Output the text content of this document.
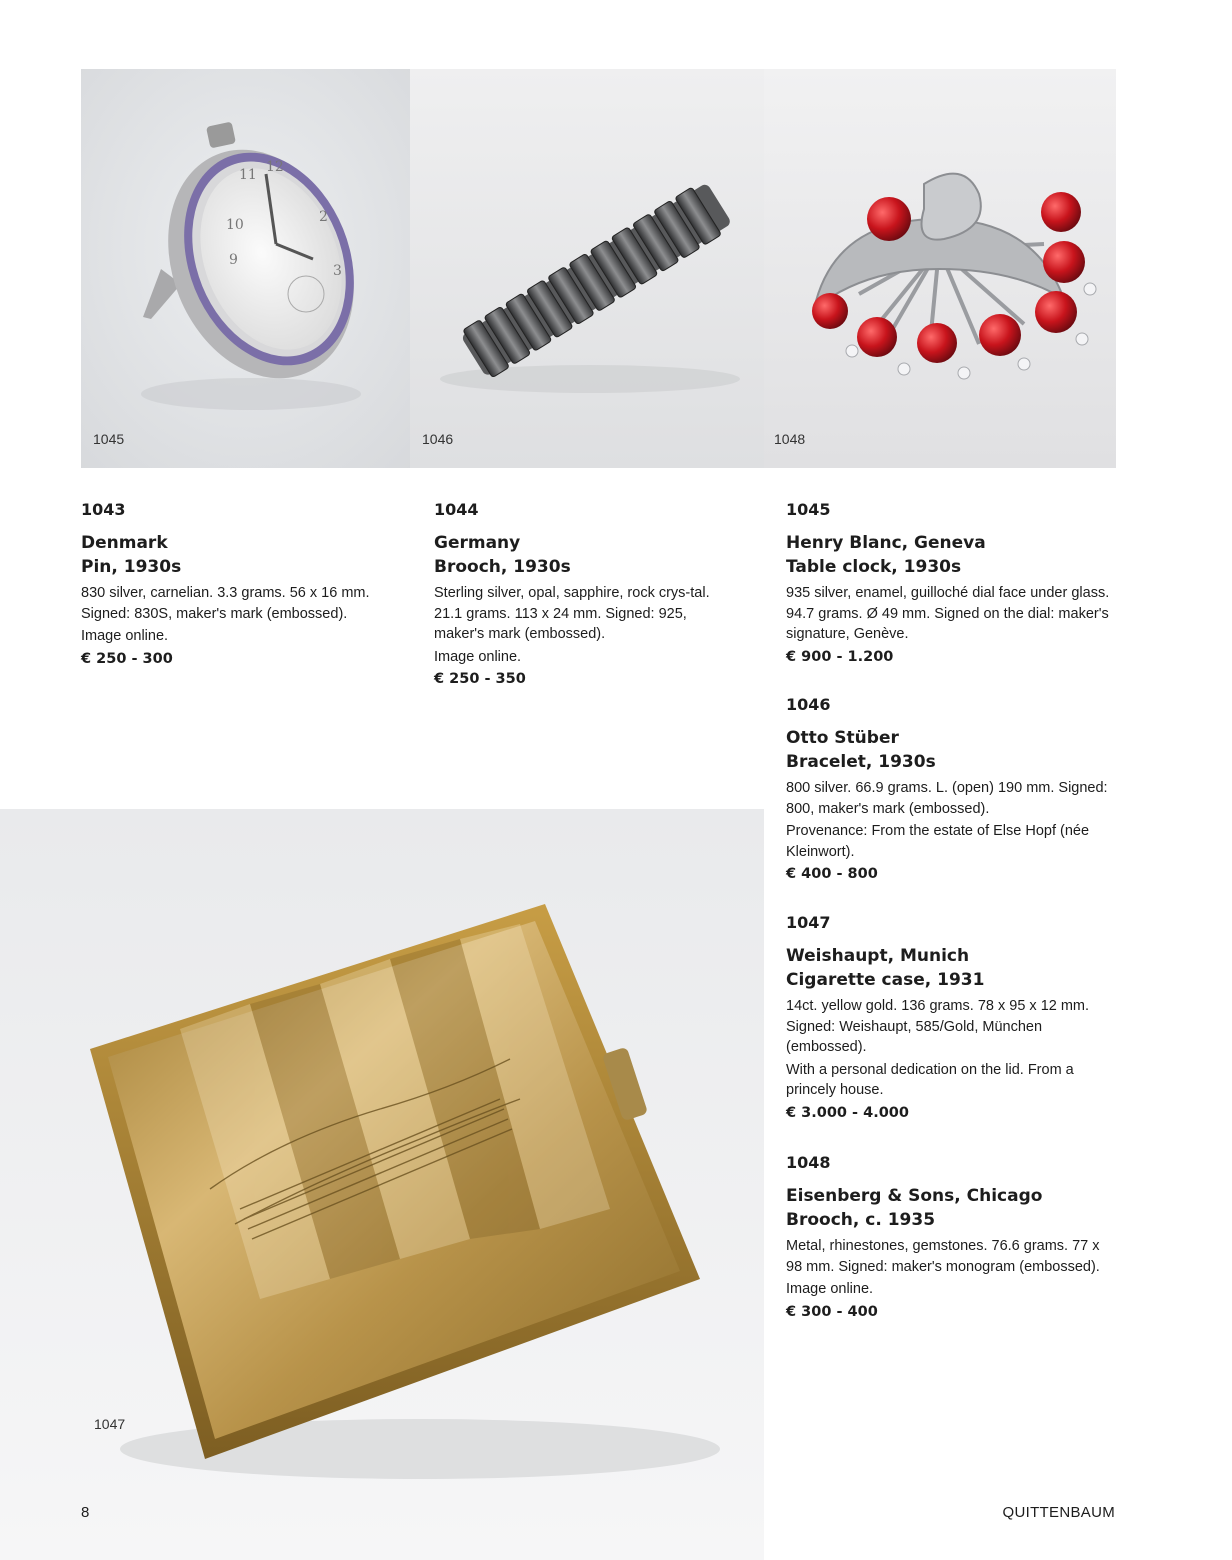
11 12
10	2
9
3
1045	1046	1048
1047
1043
Denmark
Pin, 1930s
830 silver, carnelian. 3.3 grams. 56 x 16 mm. Signed: 830S, maker's mark (embossed).
Image online.
€ 250 - 300
1044
Germany
Brooch, 1930s
Sterling silver, opal, sapphire, rock crys-tal. 21.1 grams. 113 x 24 mm. Signed: 925, maker's mark (embossed).
Image online.
€ 250 - 350
1045
Henry Blanc, Geneva
Table clock, 1930s
935 silver, enamel, guilloché dial face under glass. 94.7 grams. Ø 49 mm. Signed on the dial: maker's signature, Genève.
€ 900 - 1.200
1046
Otto Stüber
Bracelet, 1930s
800 silver. 66.9 grams. L. (open) 190 mm. Signed: 800, maker's mark (embossed).
Provenance: From the estate of Else Hopf (née Kleinwort).
€ 400 - 800
1047
Weishaupt, Munich
Cigarette case, 1931
14ct. yellow gold. 136 grams. 78 x 95 x 12 mm. Signed: Weishaupt, 585/Gold, München (embossed).
With a personal dedication on the lid. From a princely house.
€ 3.000 - 4.000
1048
Eisenberg & Sons, Chicago
Brooch, c. 1935
Metal, rhinestones, gemstones. 76.6 grams. 77 x 98 mm. Signed: maker's monogram (embossed).
Image online.
€ 300 - 400
8	QUITTENBAUM
